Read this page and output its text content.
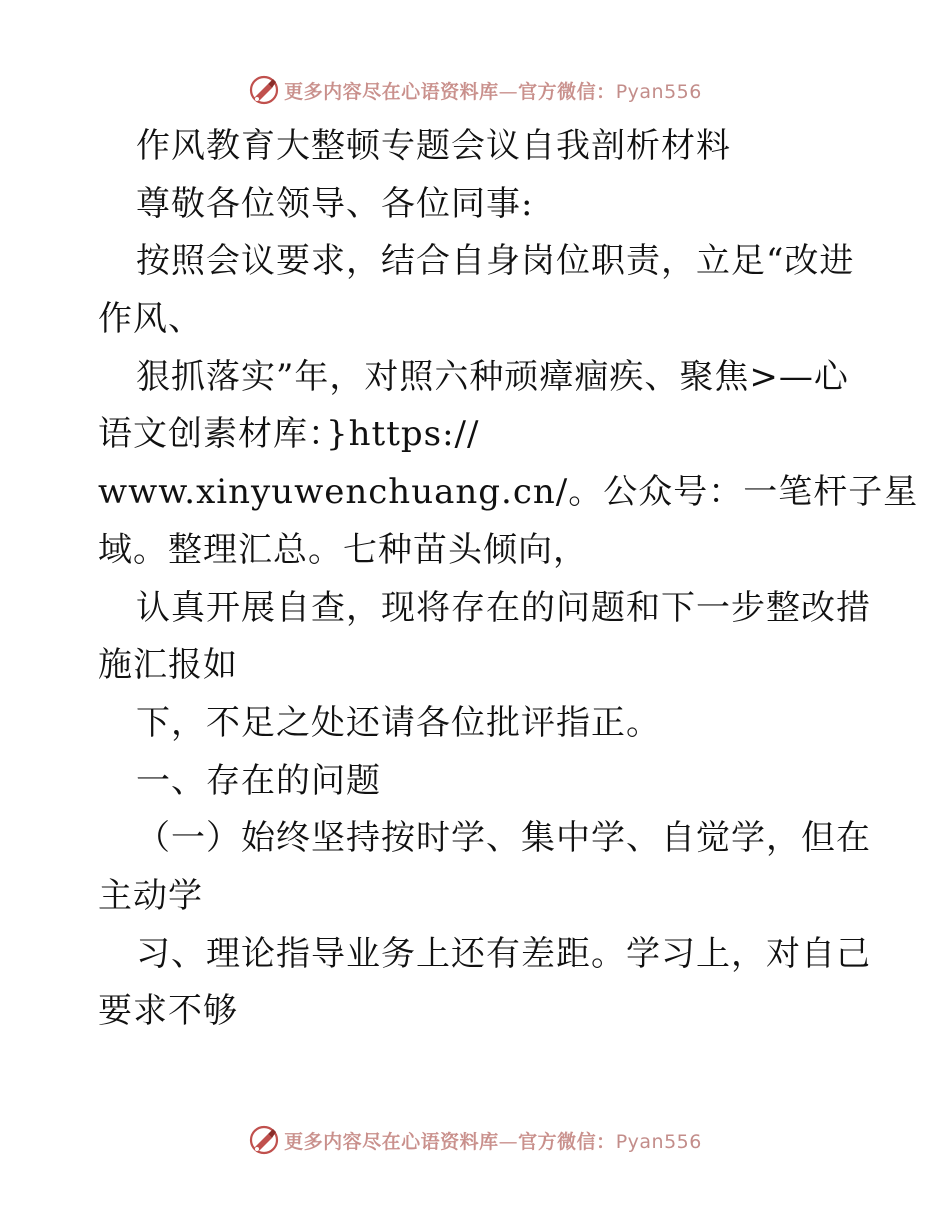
更多内容尽在心语资料库—官方微信：Pyan556
作风教育大整顿专题会议自我剖析材料
尊敬各位领导、各位同事:
按照会议要求，结合自身岗位职责，立足“改进
作风、
狠抓落实”年，对照六种顽瘴痼疾、聚焦>—心
语文创素材库：}https://
www.xinyuwenchuang.cn/。公众号：一笔杆子星
域。整理汇总。七种苗头倾向，
认真开展自查，现将存在的问题和下一步整改措
施汇报如
下，不足之处还请各位批评指正。
一、存在的问题
（一）始终坚持按时学、集中学、自觉学，但在
主动学
习、理论指导业务上还有差距。学习上，对自己
要求不够
更多内容尽在心语资料库—官方微信：Pyan556
